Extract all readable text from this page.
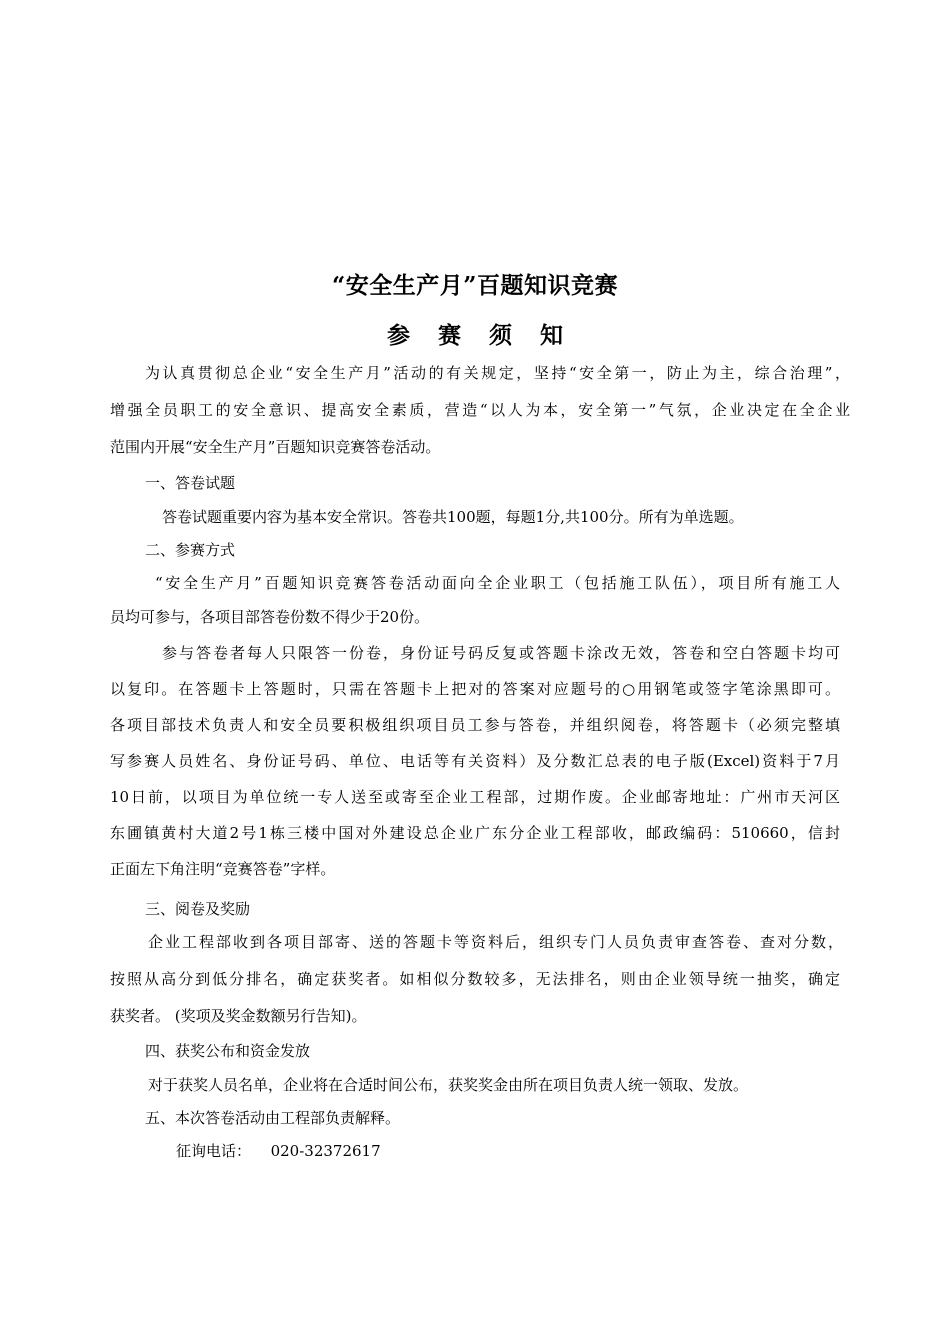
“安全生产月”百题知识竞赛
参赛须知
为认真贯彻总企业“安全生产月”活动的有关规定，坚持“安全第一，防止为主，综合治理”，
增强全员职工的安全意识、提高安全素质，营造“以人为本，安全第一”气氛，企业决定在全企业
范围内开展“安全生产月”百题知识竞赛答卷活动。
一、答卷试题
答卷试题重要内容为基本安全常识。答卷共100题，每题1分,共100分。所有为单选题。
二、参赛方式
“安全生产月”百题知识竞赛答卷活动面向全企业职工（包括施工队伍），项目所有施工人
员均可参与，各项目部答卷份数不得少于20份。
参与答卷者每人只限答一份卷，身份证号码反复或答题卡涂改无效，答卷和空白答题卡均可
以复印。在答题卡上答题时，只需在答题卡上把对的答案对应题号的○用钢笔或签字笔涂黑即可。
各项目部技术负责人和安全员要积极组织项目员工参与答卷，并组织阅卷，将答题卡（必须完整填
写参赛人员姓名、身份证号码、单位、电话等有关资料）及分数汇总表的电子版(Excel)资料于7月
10日前，以项目为单位统一专人送至或寄至企业工程部，过期作废。企业邮寄地址：广州市天河区
东圃镇黄村大道2号1栋三楼中国对外建设总企业广东分企业工程部收，邮政编码：510660，信封
正面左下角注明“竞赛答卷”字样。
三、阅卷及奖励
企业工程部收到各项目部寄、送的答题卡等资料后，组织专门人员负责审查答卷、查对分数，
按照从高分到低分排名，确定获奖者。如相似分数较多，无法排名，则由企业领导统一抽奖，确定
获奖者。 (奖项及奖金数额另行告知)。
四、获奖公布和资金发放
对于获奖人员名单，企业将在合适时间公布，获奖奖金由所在项目负责人统一领取、发放。
五、本次答卷活动由工程部负责解释。
征询电话： 020-32372617
